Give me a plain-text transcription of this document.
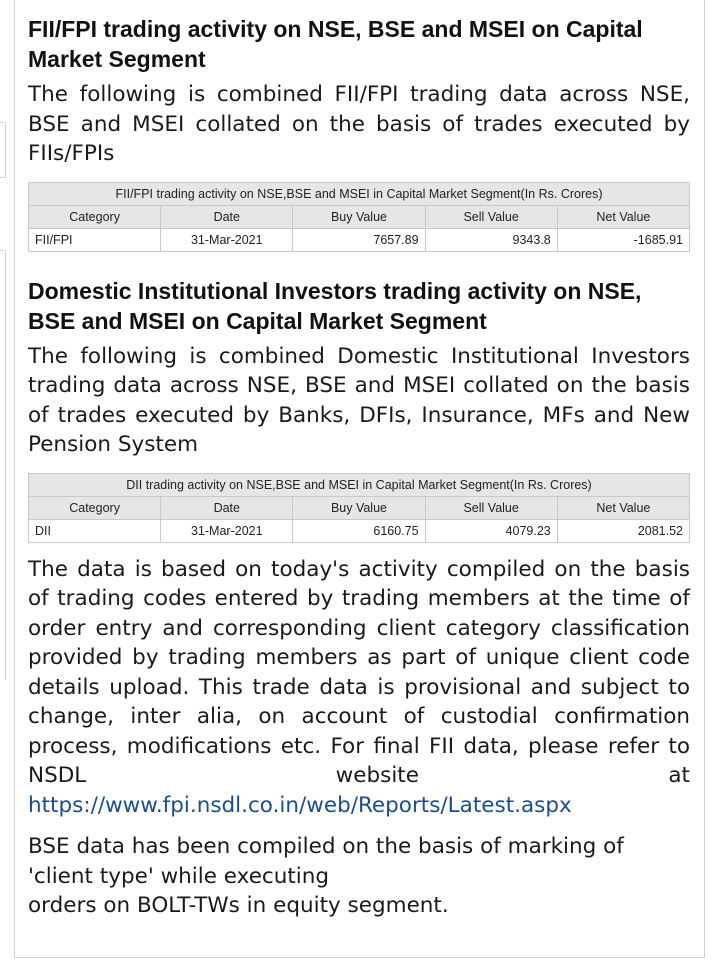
FII/FPI trading activity on NSE, BSE and MSEI on Capital Market Segment

The following is combined FII/FPI trading data across NSE, BSE and MSEI collated on the basis of trades executed by FIIs/FPIs

FII/FPI trading activity on NSE,BSE and MSEI in Capital Market Segment(In Rs. Crores)				
Category	Date	Buy Value	Sell Value	Net Value
FII/FPI	31-Mar-2021	7657.89	9343.8	-1685.91
Domestic Institutional Investors trading activity on NSE, BSE and MSEI on Capital Market Segment

The following is combined Domestic Institutional Investors trading data across NSE, BSE and MSEI collated on the basis of trades executed by Banks, DFIs, Insurance, MFs and New Pension System

DII trading activity on NSE,BSE and MSEI in Capital Market Segment(In Rs. Crores)				
Category	Date	Buy Value	Sell Value	Net Value
DII	31-Mar-2021	6160.75	4079.23	2081.52

The data is based on today's activity compiled on the basis of trading codes entered by trading members at the time of order entry and corresponding client category classification provided by trading members as part of unique client code details upload. This trade data is provisional and subject to change, inter alia, on account of custodial confirmation process, modifications etc. For final FII data, please refer to NSDL website at https://www.fpi.nsdl.co.in/web/Reports/Latest.aspx

BSE data has been compiled on the basis of marking of 'client type' while executing
orders on BOLT-TWs in equity segment.
